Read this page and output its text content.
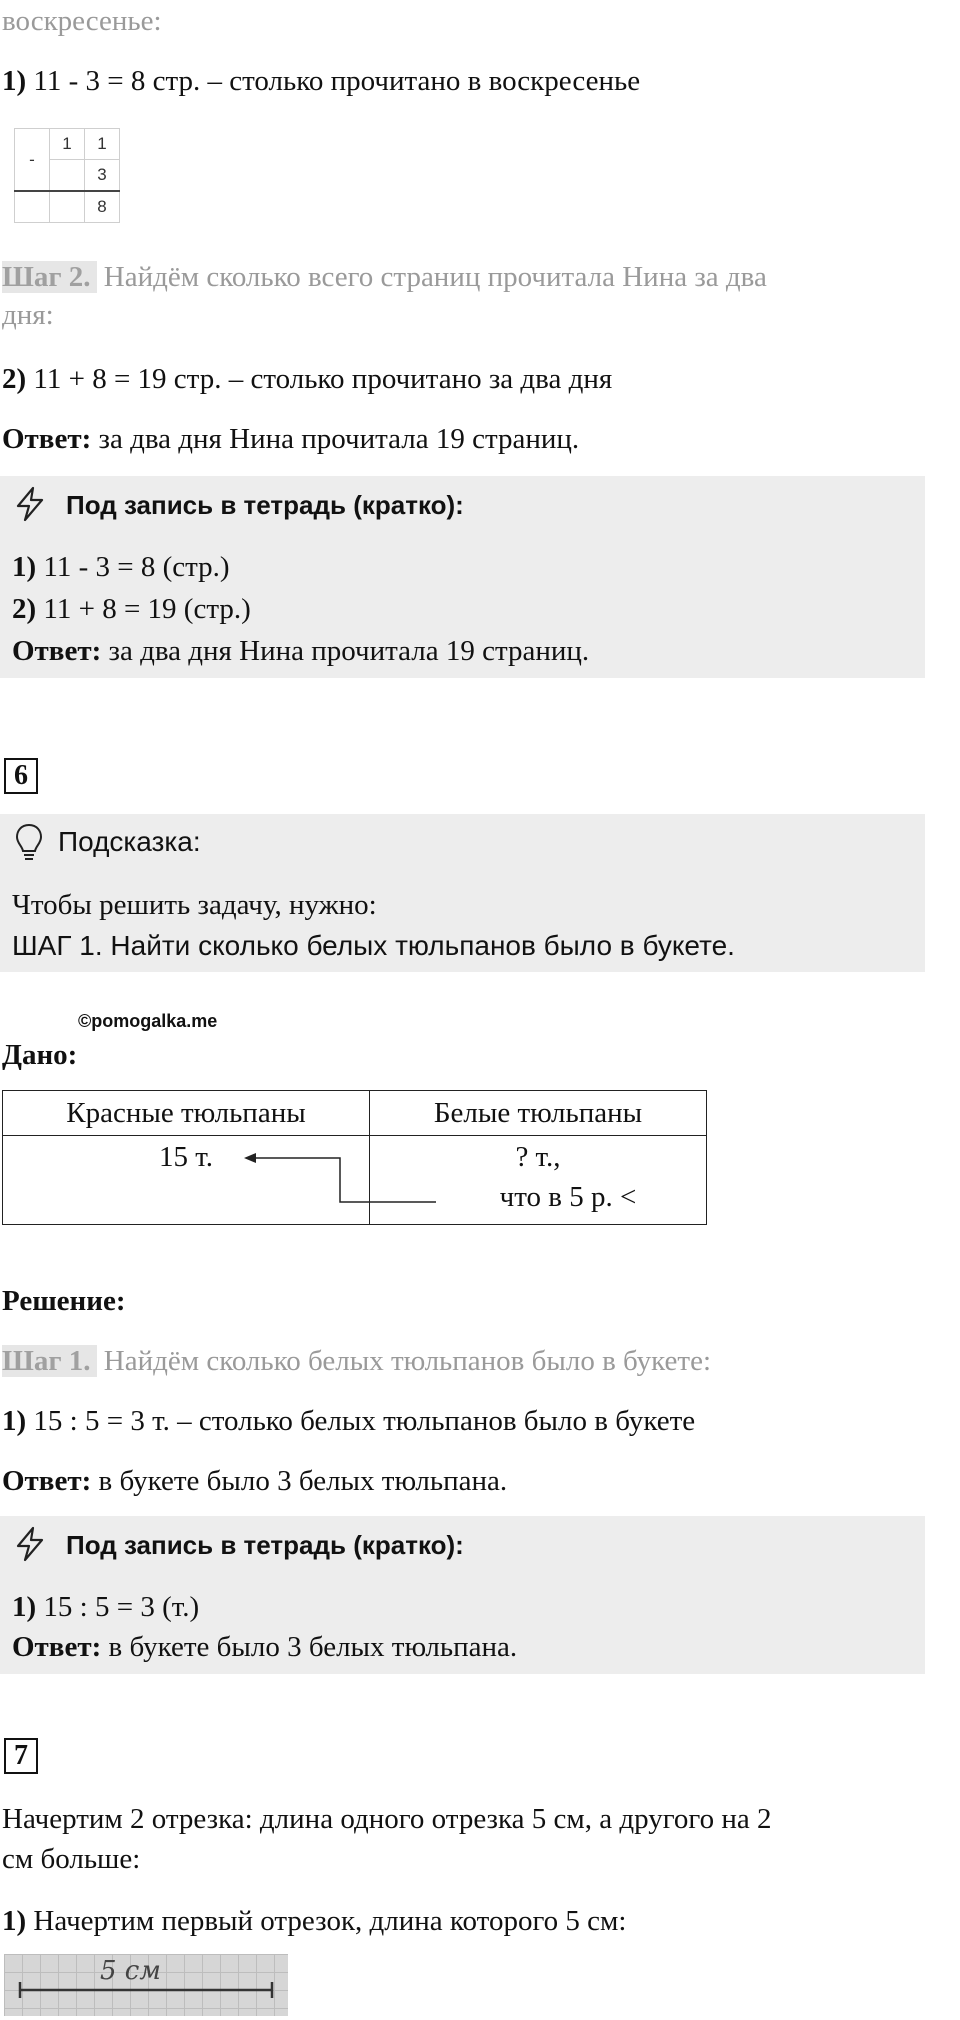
воскресенье:
1) 11 - 3 = 8 стр. – столько прочитано в воскресенье
-	1	1
		3
		8
Шаг 2. Найдём сколько всего страниц прочитала Нина за два
дня:
2) 11 + 8 = 19 стр. – столько прочитано за два дня
Ответ: за два дня Нина прочитала 19 страниц.
Под запись в тетрадь (кратко):
1) 11 - 3 = 8 (стр.)
2) 11 + 8 = 19 (стр.)
Ответ: за два дня Нина прочитала 19 страниц.
6
Подсказка:
Чтобы решить задачу, нужно:
ШАГ 1. Найти сколько белых тюльпанов было в букете.
©pomogalka.me
Дано:
Красные тюльпаны	Белые тюльпаны
15 т.	? т.,
что в 5 р. <
Решение:
Шаг 1. Найдём сколько белых тюльпанов было в букете:
1) 15 : 5 = 3 т. – столько белых тюльпанов было в букете
Ответ: в букете было 3 белых тюльпана.
Под запись в тетрадь (кратко):
1) 15 : 5 = 3 (т.)
Ответ: в букете было 3 белых тюльпана.
7
Начертим 2 отрезка: длина одного отрезка 5 см, а другого на 2
см больше:
1) Начертим первый отрезок, длина которого 5 см:
5 см
